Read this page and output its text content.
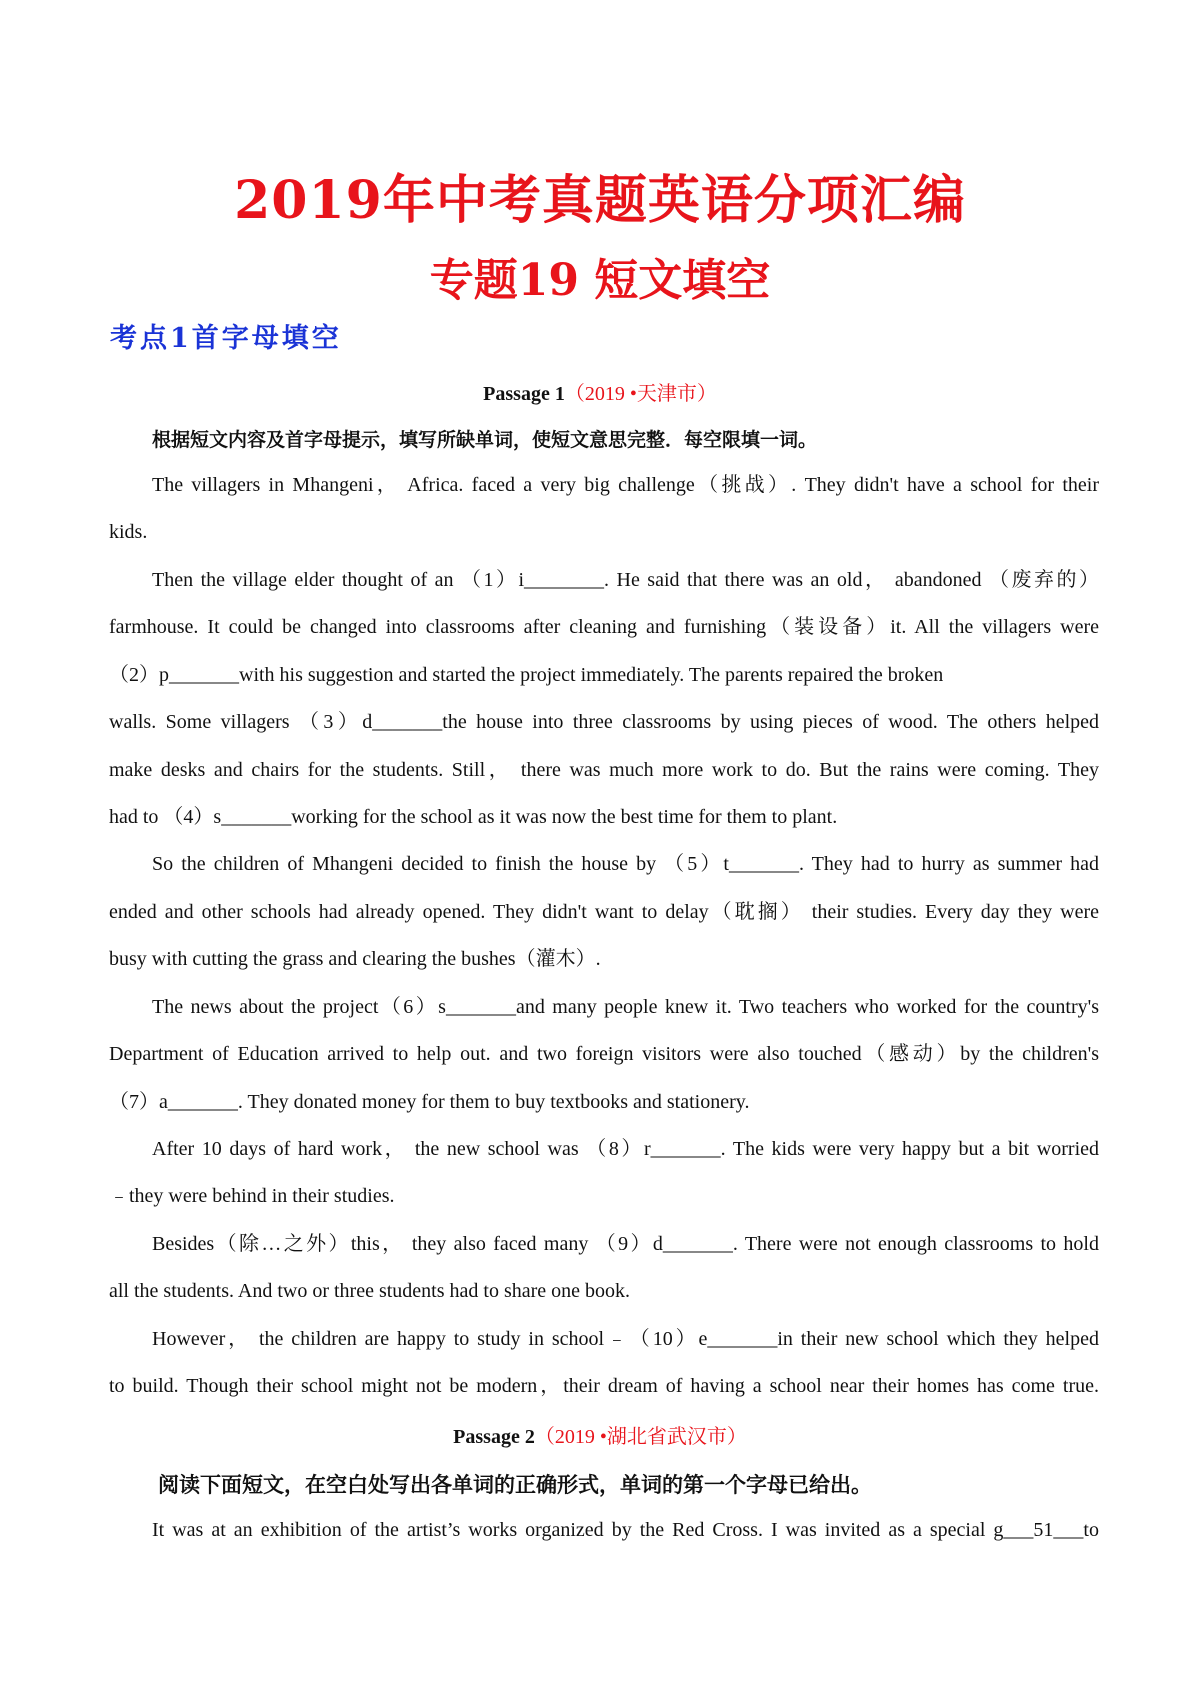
2019年中考真题英语分项汇编
专题19 短文填空
考点1首字母填空
Passage 1（2019 •天津市）
根据短文内容及首字母提示，填写所缺单词，使短文意思完整．每空限填一词。
The villagers in Mhangeni， Africa. faced a very big challenge（挑战）. They didn't have a school for their
kids.
Then the village elder thought of an （1）i________. He said that there was an old， abandoned （废弃的）
farmhouse. It could be changed into classrooms after cleaning and furnishing（装设备）it. All the villagers were
（2）p_______with his suggestion and started the project immediately. The parents repaired the broken
walls. Some villagers （3）d_______the house into three classrooms by using pieces of wood. The others helped
make desks and chairs for the students. Still， there was much more work to do. But the rains were coming. They
had to （4）s_______working for the school as it was now the best time for them to plant.
So the children of Mhangeni decided to finish the house by （5）t_______. They had to hurry as summer had
ended and other schools had already opened. They didn't want to delay（耽搁） their studies. Every day they were
busy with cutting the grass and clearing the bushes（灌木）.
The news about the project（6）s_______and many people knew it. Two teachers who worked for the country's
Department of Education arrived to help out. and two foreign visitors were also touched（感动）by the children's
（7）a_______. They donated money for them to buy textbooks and stationery.
After 10 days of hard work， the new school was （8）r_______. The kids were very happy but a bit worried
﹣they were behind in their studies.
Besides（除…之外）this， they also faced many （9）d_______. There were not enough classrooms to hold
all the students. And two or three students had to share one book.
However， the children are happy to study in school﹣（10）e_______in their new school which they helped
to build. Though their school might not be modern，their dream of having a school near their homes has come true.
Passage 2（2019 •湖北省武汉市）
阅读下面短文，在空白处写出各单词的正确形式，单词的第一个字母已给出。
It was at an exhibition of the artist’s works organized by the Red Cross. I was invited as a special g___51___to
